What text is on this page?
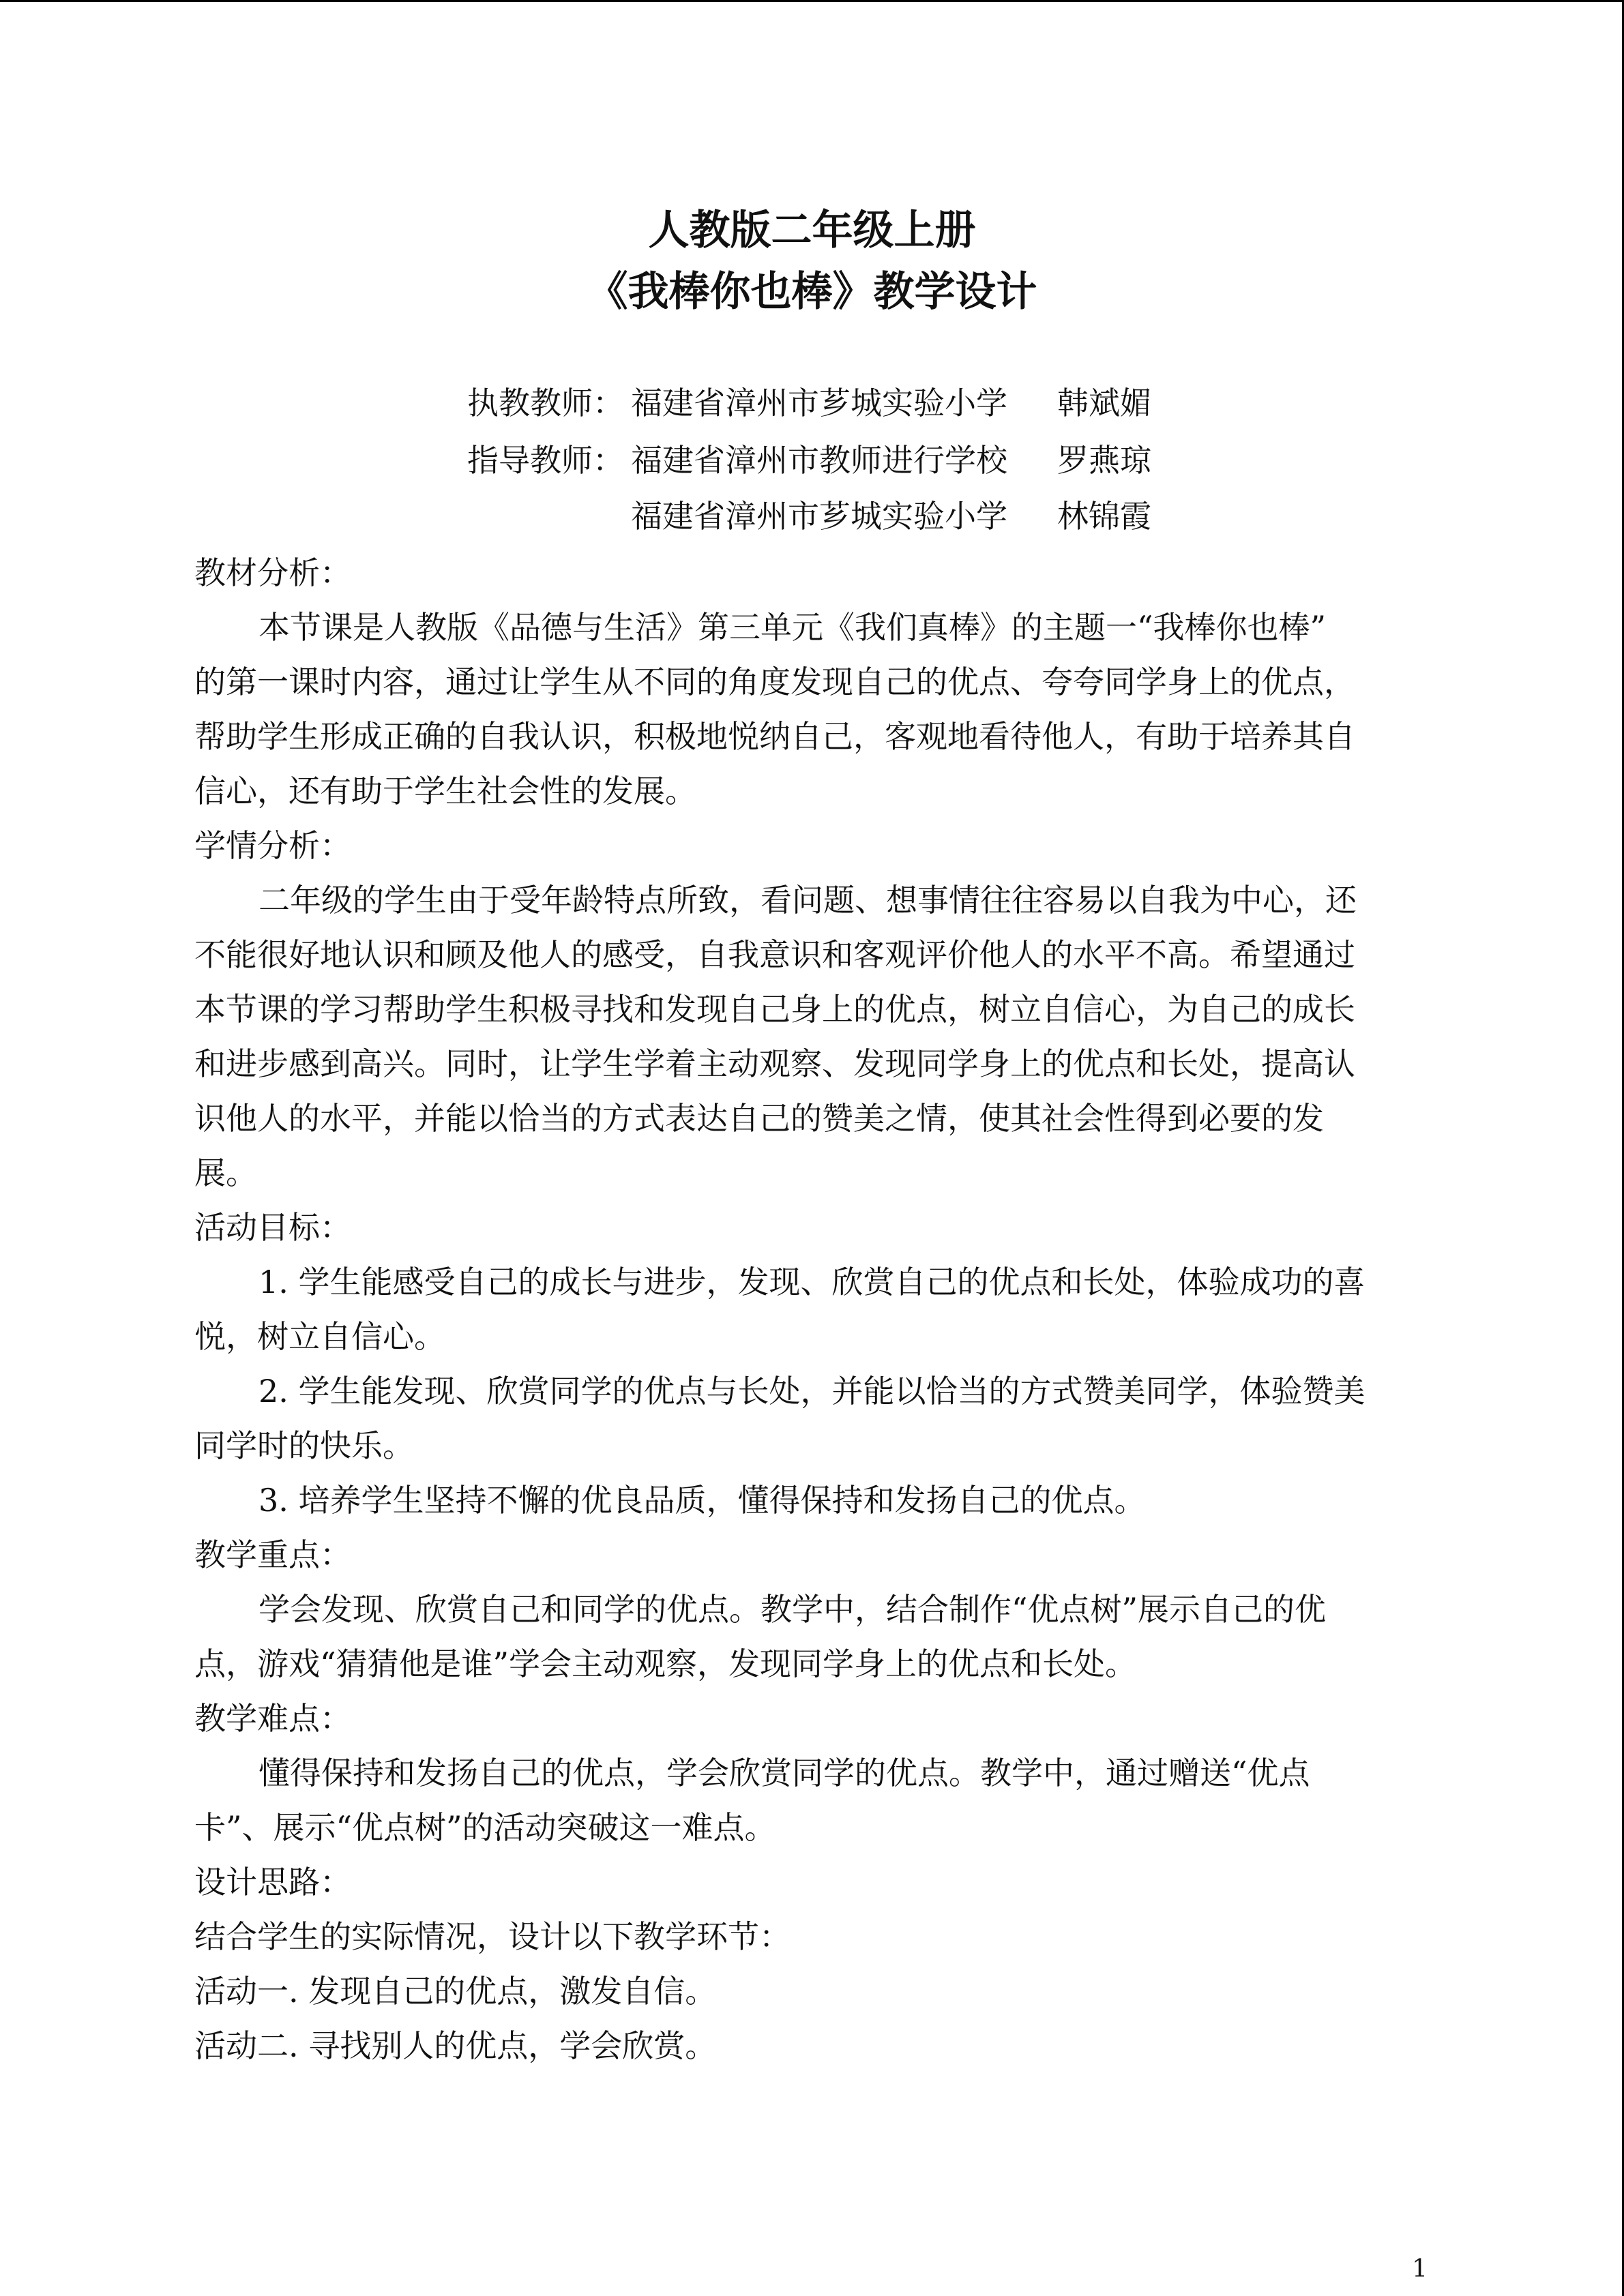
人教版二年级上册
《我棒你也棒》教学设计
执教教师： 福建省漳州市芗城实验小学 韩斌媚
指导教师： 福建省漳州市教师进行学校 罗燕琼
福建省漳州市芗城实验小学 林锦霞
教材分析：
本节课是人教版《品德与生活》第三单元《我们真棒》的主题一“我棒你也棒”
的第一课时内容，通过让学生从不同的角度发现自己的优点、夸夸同学身上的优点，
帮助学生形成正确的自我认识，积极地悦纳自己，客观地看待他人，有助于培养其自
信心，还有助于学生社会性的发展。
学情分析：
二年级的学生由于受年龄特点所致，看问题、想事情往往容易以自我为中心，还
不能很好地认识和顾及他人的感受，自我意识和客观评价他人的水平不高。希望通过
本节课的学习帮助学生积极寻找和发现自己身上的优点，树立自信心，为自己的成长
和进步感到高兴。同时，让学生学着主动观察、发现同学身上的优点和长处，提高认
识他人的水平，并能以恰当的方式表达自己的赞美之情，使其社会性得到必要的发
展。
活动目标：
1. 学生能感受自己的成长与进步，发现、欣赏自己的优点和长处，体验成功的喜
悦，树立自信心。
2. 学生能发现、欣赏同学的优点与长处，并能以恰当的方式赞美同学，体验赞美
同学时的快乐。
3. 培养学生坚持不懈的优良品质，懂得保持和发扬自己的优点。
教学重点：
学会发现、欣赏自己和同学的优点。教学中，结合制作“优点树”展示自己的优
点，游戏“猜猜他是谁”学会主动观察，发现同学身上的优点和长处。
教学难点：
懂得保持和发扬自己的优点，学会欣赏同学的优点。教学中，通过赠送“优点
卡”、展示“优点树”的活动突破这一难点。
设计思路：
结合学生的实际情况，设计以下教学环节：
活动一. 发现自己的优点，激发自信。
活动二. 寻找别人的优点，学会欣赏。
1
